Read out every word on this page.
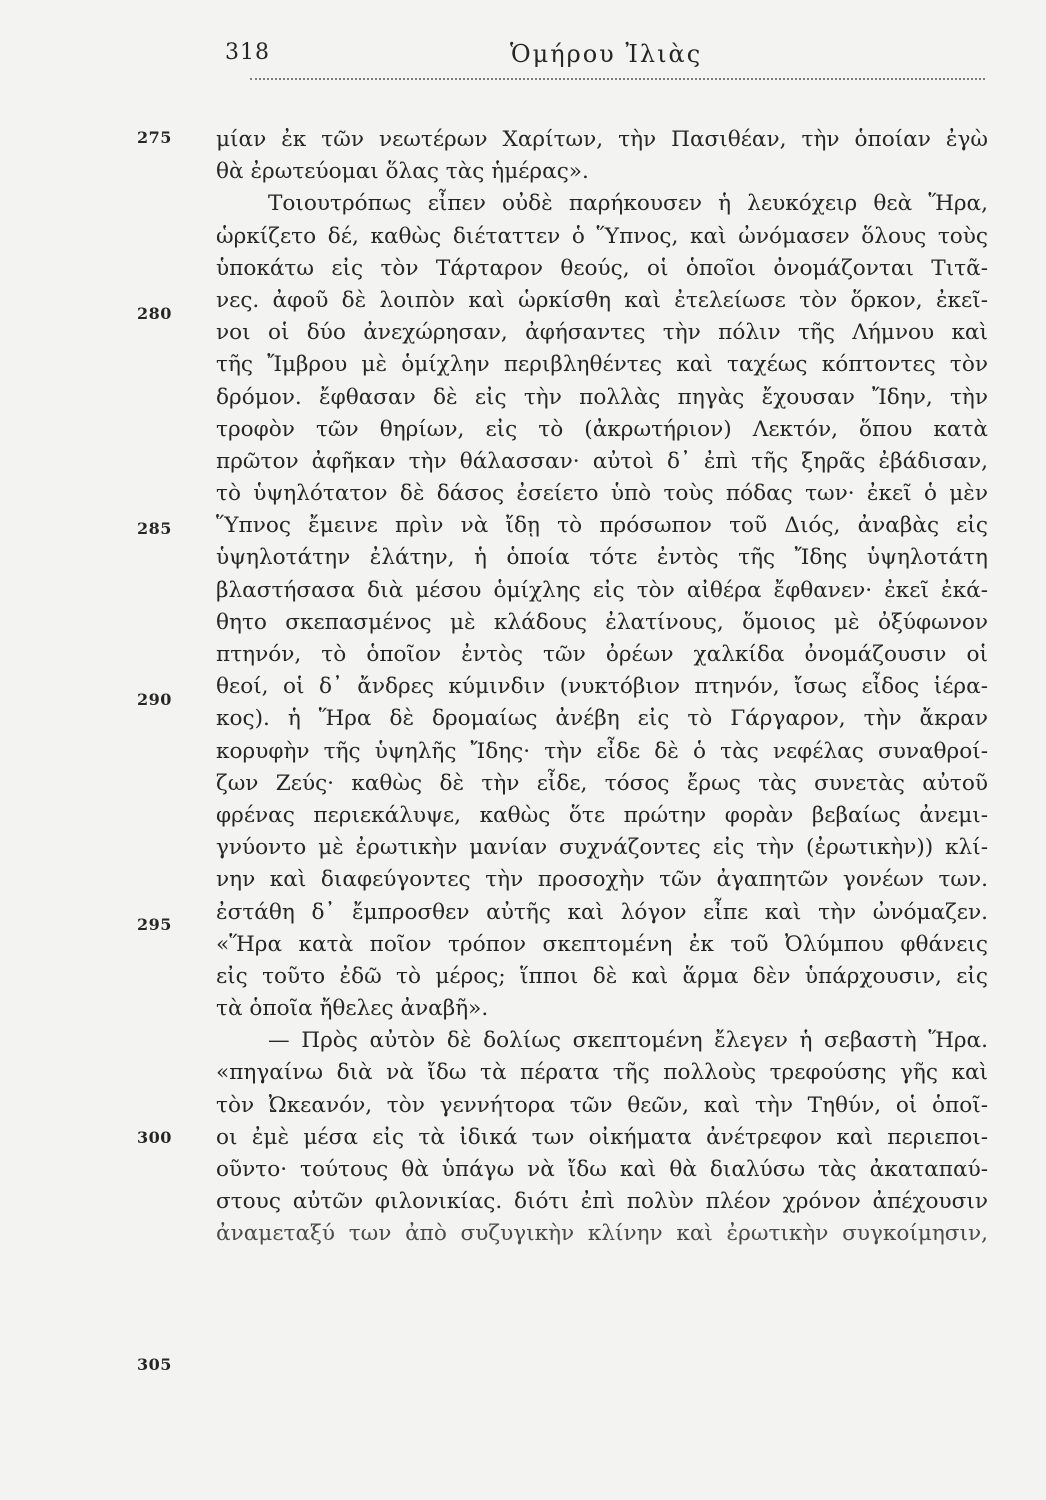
318	Ὁμήρου Ἰλιὰς
275
280
285
290
295
300
305
μίαν ἐκ τῶν νεωτέρων Χαρίτων, τὴν Πασιθέαν, τὴν ὁποίαν ἐγὼ
θὰ ἐρωτεύομαι ὅλας τὰς ἡμέρας».
Τοιουτρόπως εἶπεν οὐδὲ παρήκουσεν ἡ λευκόχειρ θεὰ Ἥρα,
ὡρκίζετο δέ, καθὼς διέταττεν ὁ Ὕπνος, καὶ ὠνόμασεν ὅλους τοὺς
ὑποκάτω εἰς τὸν Τάρταρον θεούς, οἱ ὁποῖοι ὀνομάζονται Τιτᾶ-
νες. ἀφοῦ δὲ λοιπὸν καὶ ὡρκίσθη καὶ ἐτελείωσε τὸν ὅρκον, ἐκεῖ-
νοι οἱ δύο ἀνεχώρησαν, ἀφήσαντες τὴν πόλιν τῆς Λήμνου καὶ
τῆς Ἴμβρου μὲ ὁμίχλην περιβληθέντες καὶ ταχέως κόπτοντες τὸν
δρόμον. ἔφθασαν δὲ εἰς τὴν πολλὰς πηγὰς ἔχουσαν Ἴδην, τὴν
τροφὸν τῶν θηρίων, εἰς τὸ (ἀκρωτήριον) Λεκτόν, ὅπου κατὰ
πρῶτον ἀφῆκαν τὴν θάλασσαν· αὐτοὶ δ᾽ ἐπὶ τῆς ξηρᾶς ἐβάδισαν,
τὸ ὑψηλότατον δὲ δάσος ἐσείετο ὑπὸ τοὺς πόδας των· ἐκεῖ ὁ μὲν
Ὕπνος ἔμεινε πρὶν νὰ ἴδῃ τὸ πρόσωπον τοῦ Διός, ἀναβὰς εἰς
ὑψηλοτάτην ἐλάτην, ἡ ὁποία τότε ἐντὸς τῆς Ἴδης ὑψηλοτάτη
βλαστήσασα διὰ μέσου ὁμίχλης εἰς τὸν αἰθέρα ἔφθανεν· ἐκεῖ ἐκά-
θητο σκεπασμένος μὲ κλάδους ἐλατίνους, ὅμοιος μὲ ὀξύφωνον
πτηνόν, τὸ ὁποῖον ἐντὸς τῶν ὀρέων χαλκίδα ὀνομάζουσιν οἱ
θεοί, οἱ δ᾽ ἄνδρες κύμινδιν (νυκτόβιον πτηνόν, ἴσως εἶδος ἱέρα-
κος). ἡ Ἥρα δὲ δρομαίως ἀνέβη εἰς τὸ Γάργαρον, τὴν ἄκραν
κορυφὴν τῆς ὑψηλῆς Ἴδης· τὴν εἶδε δὲ ὁ τὰς νεφέλας συναθροί-
ζων Ζεύς· καθὼς δὲ τὴν εἶδε, τόσος ἔρως τὰς συνετὰς αὐτοῦ
φρένας περιεκάλυψε, καθὼς ὅτε πρώτην φορὰν βεβαίως ἀνεμι-
γνύοντο μὲ ἐρωτικὴν μανίαν συχνάζοντες εἰς τὴν (ἐρωτικὴν)) κλί-
νην καὶ διαφεύγοντες τὴν προσοχὴν τῶν ἀγαπητῶν γονέων των.
ἐστάθη δ᾽ ἔμπροσθεν αὐτῆς καὶ λόγον εἶπε καὶ τὴν ὠνόμαζεν.
«Ἥρα κατὰ ποῖον τρόπον σκεπτομένη ἐκ τοῦ Ὀλύμπου φθάνεις
εἰς τοῦτο ἐδῶ τὸ μέρος; ἵπποι δὲ καὶ ἅρμα δὲν ὑπάρχουσιν, εἰς
τὰ ὁποῖα ἤθελες ἀναβῆ».
— Πρὸς αὐτὸν δὲ δολίως σκεπτομένη ἔλεγεν ἡ σεβαστὴ Ἥρα.
«πηγαίνω διὰ νὰ ἴδω τὰ πέρατα τῆς πολλοὺς τρεφούσης γῆς καὶ
τὸν Ὠκεανόν, τὸν γεννήτορα τῶν θεῶν, καὶ τὴν Τηθύν, οἱ ὁποῖ-
οι ἐμὲ μέσα εἰς τὰ ἰδικά των οἰκήματα ἀνέτρεφον καὶ περιεποι-
οῦντο· τούτους θὰ ὑπάγω νὰ ἴδω καὶ θὰ διαλύσω τὰς ἀκαταπαύ-
στους αὐτῶν φιλονικίας. διότι ἐπὶ πολὺν πλέον χρόνον ἀπέχουσιν
ἀναμεταξύ των ἀπὸ συζυγικὴν κλίνην καὶ ἐρωτικὴν συγκοίμησιν,
